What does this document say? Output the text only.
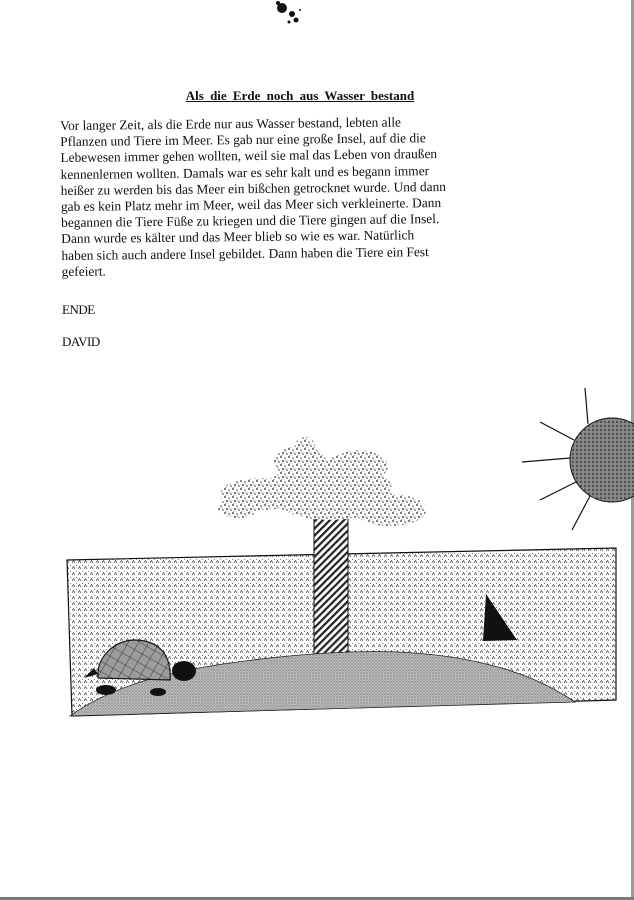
Als die Erde noch aus Wasser bestand
Vor langer Zeit, als die Erde nur aus Wasser bestand, lebten alle
Pflanzen und Tiere im Meer. Es gab nur eine große Insel, auf die die
Lebewesen immer gehen wollten, weil sie mal das Leben von draußen
kennenlernen wollten. Damals war es sehr kalt und es begann immer
heißer zu werden bis das Meer ein bißchen getrocknet wurde. Und dann
gab es kein Platz mehr im Meer, weil das Meer sich verkleinerte. Dann
begannen die Tiere Füße zu kriegen und die Tiere gingen auf die Insel.
Dann wurde es kälter und das Meer blieb so wie es war. Natürlich
haben sich auch andere Insel gebildet. Dann haben die Tiere ein Fest
gefeiert.
ENDE
DAVID
